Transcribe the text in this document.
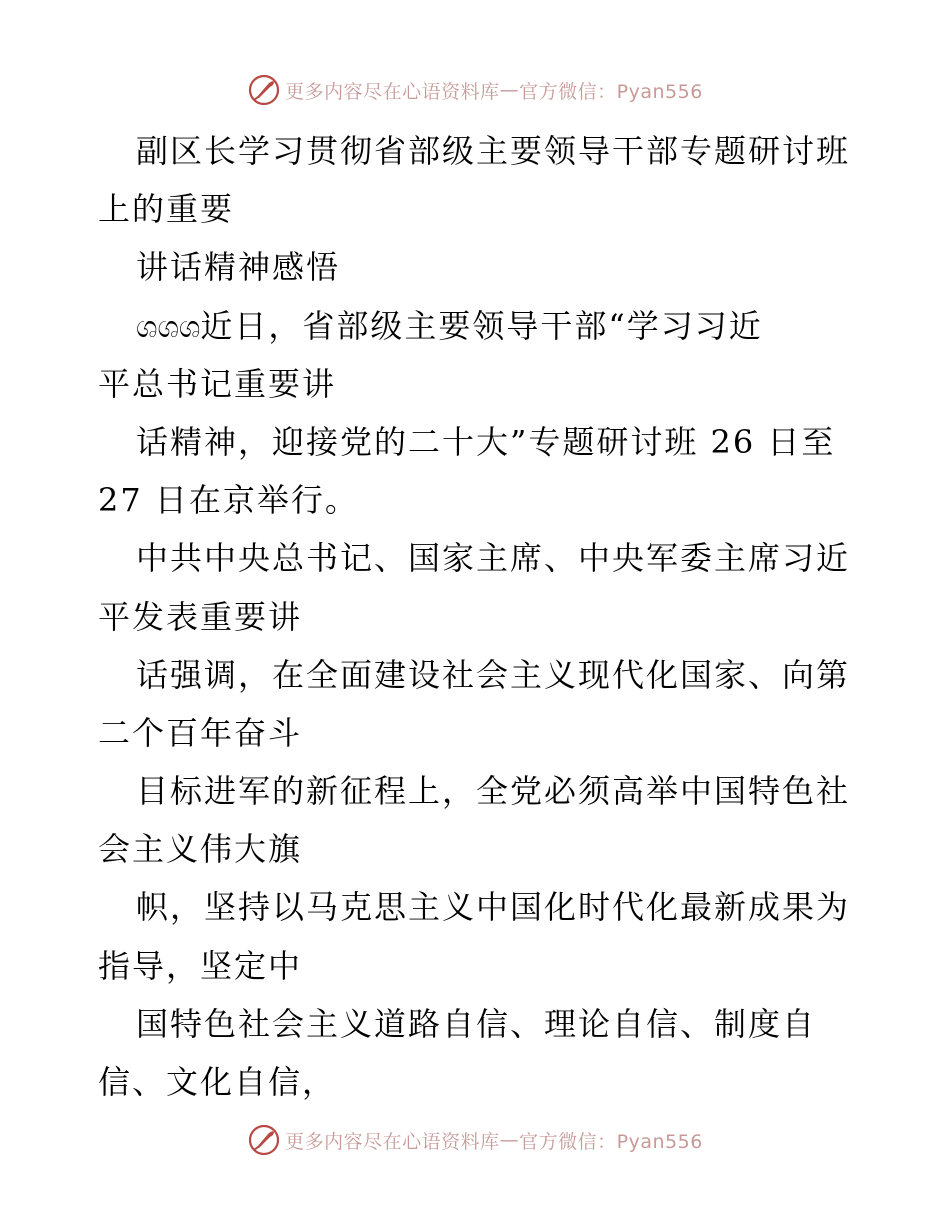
更多内容尽在心语资料库 — 官方微信：Pyan556
副区长学习贯彻省部级主要领导干部专题研讨班
上的重要
讲话精神感悟
ශශශ近日，省部级主要领导干部“学习习近
平总书记重要讲
话精神，迎接党的二十大”专题研讨班 26 日至
27 日在京举行。
中共中央总书记、国家主席、中央军委主席习近
平发表重要讲
话强调，在全面建设社会主义现代化国家、向第
二个百年奋斗
目标进军的新征程上，全党必须高举中国特色社
会主义伟大旗
帜，坚持以马克思主义中国化时代化最新成果为
指导，坚定中
国特色社会主义道路自信、理论自信、制度自
信、文化自信，
更多内容尽在心语资料库 — 官方微信：Pyan556
